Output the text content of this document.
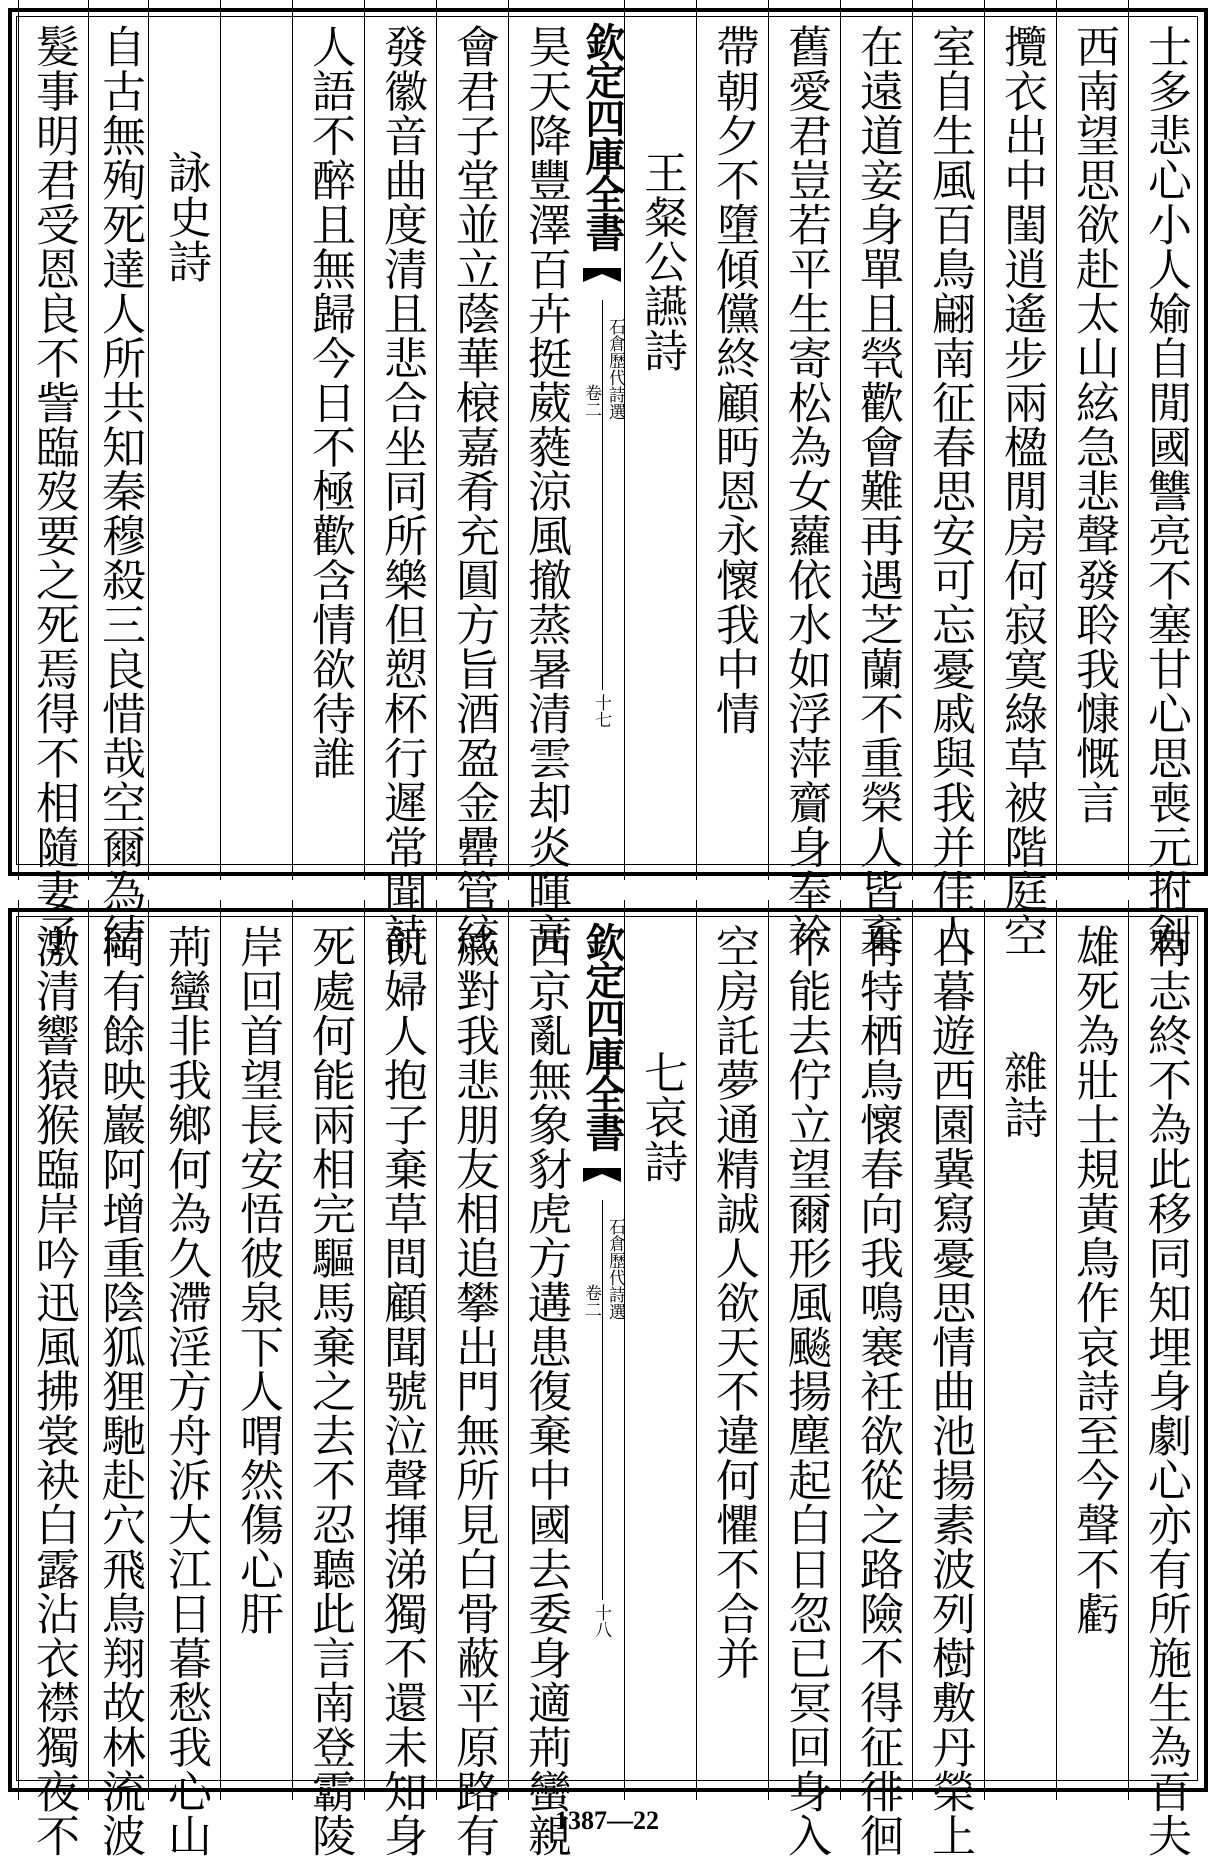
士多悲心小人媮自閒國讐亮不塞甘心思喪元拊劍
西南望思欲赴太山絃急悲聲發聆我慷慨言
攬衣出中閨逍遙步兩楹閒房何寂寞綠草被階庭空
室自生風百鳥翩南征春思安可忘憂戚與我并佳人
在遠道妾身單且煢歡會難再遇芝蘭不重榮人皆棄
舊愛君豈若平生寄松為女蘿依水如浮萍齎身奉衿
帶朝夕不墮傾儻終顧眄恩永懷我中情
王粲公讌詩
欽定四庫全書
石倉歷代詩選
卷二
十七
昊天降豐澤百卉挺葳蕤涼風撤蒸暑清雲却炎暉高
會君子堂並立蔭華榱嘉肴充圓方旨酒盈金罍管絃
發徽音曲度清且悲合坐同所樂但愬杯行遲常聞詩
人語不醉且無歸今日不極歡含情欲待誰
詠史詩
自古無殉死達人所共知秦穆殺三良惜哉空爾為結
髮事明君受恩良不訾臨歿要之死焉得不相隨妻子
有志終不為此移同知埋身劇心亦有所施生為百夫
雄死為壯士規黃鳥作哀詩至今聲不虧
雜詩
日暮遊西園冀寫憂思情曲池揚素波列樹敷丹榮上
有特栖鳥懷春向我鳴褰衽欲從之路險不得征徘徊
不能去佇立望爾形風飈揚塵起白日忽已冥回身入
空房託夢通精誠人欲天不違何懼不合并
七哀詩
欽定四庫全書
石倉歷代詩選
卷二
十八
西京亂無象豺虎方遘患復棄中國去委身適荊蠻親
戚對我悲朋友相追攀出門無所見白骨蔽平原路有
飢婦人抱子棄草間顧聞號泣聲揮涕獨不還未知身
死處何能兩相完驅馬棄之去不忍聽此言南登霸陵
岸回首望長安悟彼泉下人喟然傷心肝
荊蠻非我鄉何為久滯淫方舟泝大江日暮愁我心山
岡有餘映巖阿增重陰狐狸馳赴穴飛鳥翔故林流波
激清響猿猴臨岸吟迅風拂裳袂白露沾衣襟獨夜不	1387—22
